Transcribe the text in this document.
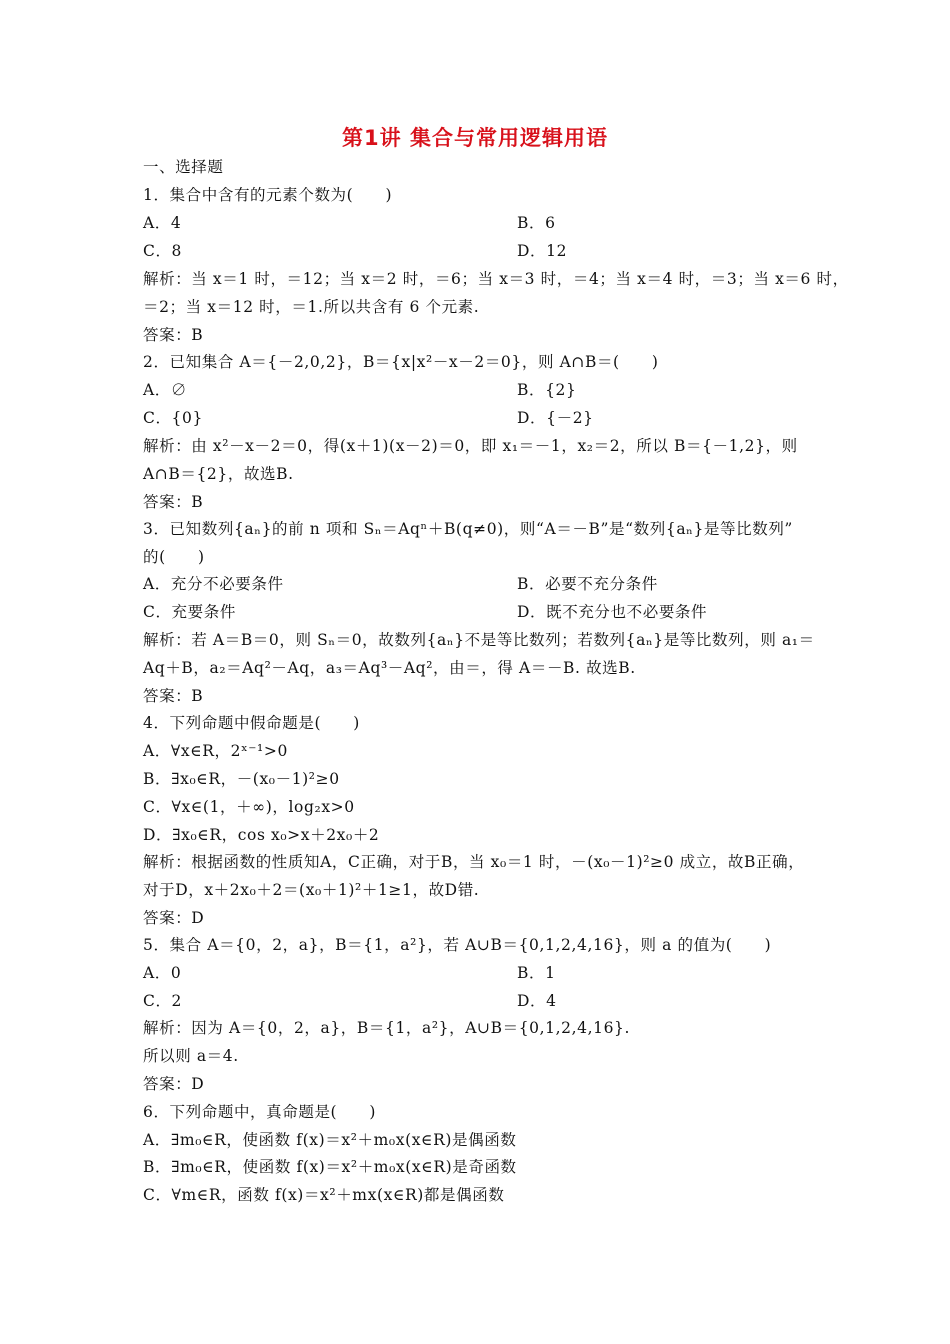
第1讲 集合与常用逻辑用语
一、选择题
1．集合中含有的元素个数为(　　)
A．4	B．6
C．8	D．12
解析：当 x＝1 时，＝12；当 x＝2 时，＝6；当 x＝3 时，＝4；当 x＝4 时，＝3；当 x＝6 时，
＝2；当 x＝12 时，＝1.所以共含有 6 个元素.
答案：B
2．已知集合 A＝{－2,0,2}，B＝{x|x²－x－2＝0}，则 A∩B＝(　　)
A．∅	B．{2}
C．{0}	D．{－2}
解析：由 x²－x－2＝0，得(x＋1)(x－2)＝0，即 x₁＝－1，x₂＝2，所以 B＝{－1,2}，则
A∩B＝{2}，故选B.
答案：B
3．已知数列{aₙ}的前 n 项和 Sₙ＝Aqⁿ＋B(q≠0)，则“A＝－B”是“数列{aₙ}是等比数列”
的(　　)
A．充分不必要条件	B．必要不充分条件
C．充要条件	D．既不充分也不必要条件
解析：若 A＝B＝0，则 Sₙ＝0，故数列{aₙ}不是等比数列；若数列{aₙ}是等比数列，则 a₁＝
Aq＋B，a₂＝Aq²－Aq，a₃＝Aq³－Aq²，由＝，得 A＝－B. 故选B.
答案：B
4．下列命题中假命题是(　　)
A．∀x∈R，2ˣ⁻¹>0
B．∃x₀∈R，－(x₀－1)²≥0
C．∀x∈(1，＋∞)，log₂x>0
D．∃x₀∈R，cos x₀>x＋2x₀＋2
解析：根据函数的性质知A，C正确，对于B，当 x₀＝1 时，－(x₀－1)²≥0 成立，故B正确，
对于D，x＋2x₀＋2＝(x₀＋1)²＋1≥1，故D错.
答案：D
5．集合 A＝{0，2，a}，B＝{1，a²}，若 A∪B＝{0,1,2,4,16}，则 a 的值为(　　)
A．0	B．1
C．2	D．4
解析：因为 A＝{0，2，a}，B＝{1，a²}，A∪B＝{0,1,2,4,16}.
所以则 a＝4.
答案：D
6．下列命题中，真命题是(　　)
A．∃m₀∈R，使函数 f(x)＝x²＋m₀x(x∈R)是偶函数
B．∃m₀∈R，使函数 f(x)＝x²＋m₀x(x∈R)是奇函数
C．∀m∈R，函数 f(x)＝x²＋mx(x∈R)都是偶函数
